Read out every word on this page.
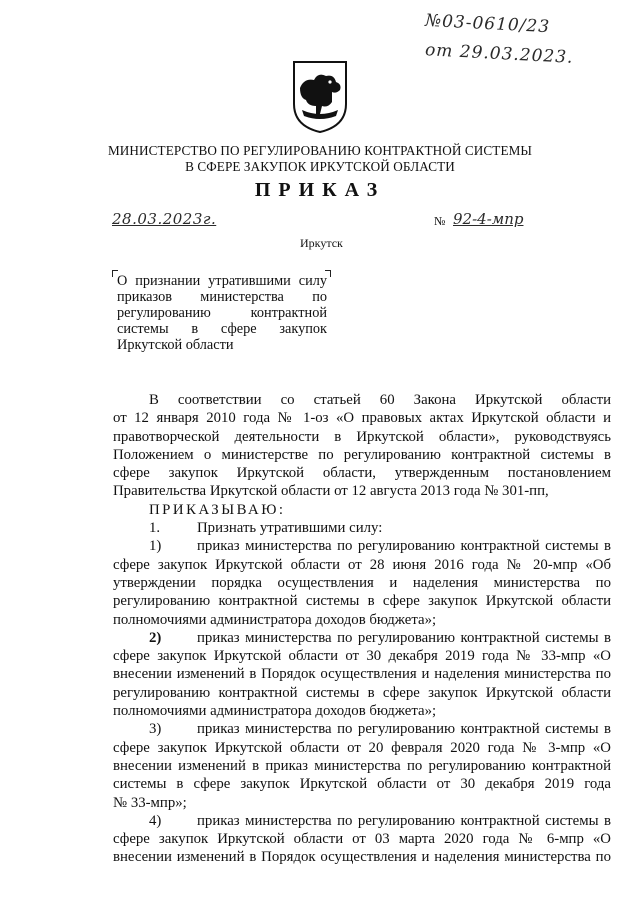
№03-0610/23
от 29.03.2023.
МИНИСТЕРСТВО ПО РЕГУЛИРОВАНИЮ КОНТРАКТНОЙ СИСТЕМЫ
В СФЕРЕ ЗАКУПОК ИРКУТСКОЙ ОБЛАСТИ
ПРИКАЗ
28.03.2023г.	№ 92-4-мпр
Иркутск
О признании утратившими силу приказов министерства по регулированию контрактной системы в сфере закупок Иркутской области

В соответствии со статьей 60 Закона Иркутской области

от 12 января 2010 года № 1-оз «О правовых актах Иркутской области и

правотворческой деятельности в Иркутской области», руководствуясь

Положением о министерстве по регулированию контрактной системы в

сфере закупок Иркутской области, утвержденным постановлением

Правительства Иркутской области от 12 августа 2013 года № 301-пп,

ПРИКАЗЫВАЮ:

1. Признать утратившими силу:

1) приказ министерства по регулированию контрактной системы в

сфере закупок Иркутской области от 28 июня 2016 года № 20-мпр «Об

утверждении порядка осуществления и наделения министерства по

регулированию контрактной системы в сфере закупок Иркутской области

полномочиями администратора доходов бюджета»;

2) приказ министерства по регулированию контрактной системы в

сфере закупок Иркутской области от 30 декабря 2019 года № 33-мпр «О

внесении изменений в Порядок осуществления и наделения министерства по

регулированию контрактной системы в сфере закупок Иркутской области

полномочиями администратора доходов бюджета»;

3) приказ министерства по регулированию контрактной системы в

сфере закупок Иркутской области от 20 февраля 2020 года № 3-мпр «О

внесении изменений в приказ министерства по регулированию контрактной

системы в сфере закупок Иркутской области от 30 декабря 2019 года

№ 33-мпр»;

4) приказ министерства по регулированию контрактной системы в

сфере закупок Иркутской области от 03 марта 2020 года № 6-мпр «О

внесении изменений в Порядок осуществления и наделения министерства по
